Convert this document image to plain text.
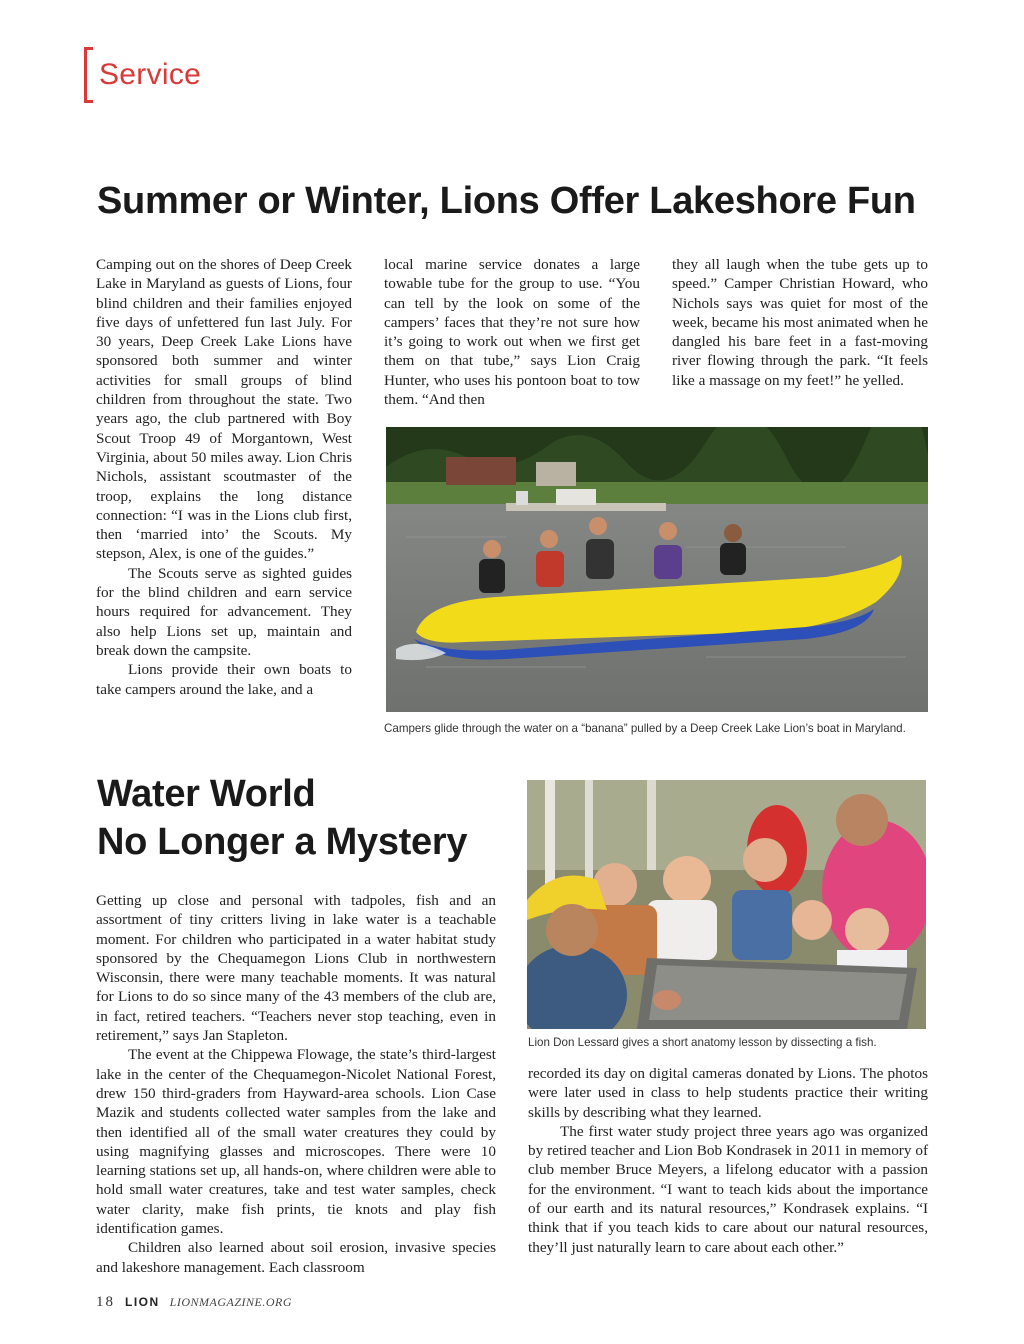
Service
Summer or Winter, Lions Offer Lakeshore Fun

Camping out on the shores of Deep Creek Lake in Maryland as guests of Lions, four blind children and their families enjoyed five days of unfettered fun last July. For 30 years, Deep Creek Lake Lions have sponsored both summer and winter activities for small groups of blind children from throughout the state. Two years ago, the club partnered with Boy Scout Troop 49 of Morgantown, West Virginia, about 50 miles away. Lion Chris Nichols, assistant scoutmaster of the troop, explains the long distance connection: “I was in the Lions club first, then ‘married into’ the Scouts. My stepson, Alex, is one of the guides.”

The Scouts serve as sighted guides for the blind children and earn service hours required for advancement. They also help Lions set up, maintain and break down the campsite.

Lions provide their own boats to take campers around the lake, and a

local marine service donates a large towable tube for the group to use. “You can tell by the look on some of the campers’ faces that they’re not sure how it’s going to work out when we first get them on that tube,” says Lion Craig Hunter, who uses his pontoon boat to tow them. “And then

they all laugh when the tube gets up to speed.” Camper Christian Howard, who Nichols says was quiet for most of the week, became his most animated when he dangled his bare feet in a fast-moving river flowing through the park. “It feels like a massage on my feet!” he yelled.

Campers glide through the water on a “banana” pulled by a Deep Creek Lake Lion’s boat in Maryland.

Water World
No Longer a Mystery

Lion Don Lessard gives a short anatomy lesson by dissecting a fish.

Getting up close and personal with tadpoles, fish and an assortment of tiny critters living in lake water is a teachable moment. For children who participated in a water habitat study sponsored by the Chequamegon Lions Club in northwestern Wisconsin, there were many teachable moments. It was natural for Lions to do so since many of the 43 members of the club are, in fact, retired teachers. “Teachers never stop teaching, even in retirement,” says Jan Stapleton.

The event at the Chippewa Flowage, the state’s third-largest lake in the center of the Chequamegon-Nicolet National Forest, drew 150 third-graders from Hayward-area schools. Lion Case Mazik and students collected water samples from the lake and then identified all of the small water creatures they could by using magnifying glasses and microscopes. There were 10 learning stations set up, all hands-on, where children were able to hold small water creatures, take and test water samples, check water clarity, make fish prints, tie knots and play fish identification games.

Children also learned about soil erosion, invasive species and lakeshore management. Each classroom

recorded its day on digital cameras donated by Lions. The photos were later used in class to help students practice their writing skills by describing what they learned.

The first water study project three years ago was organized by retired teacher and Lion Bob Kondrasek in 2011 in memory of club member Bruce Meyers, a lifelong educator with a passion for the environment. “I want to teach kids about the importance of our earth and its natural resources,” Kondrasek explains. “I think that if you teach kids to care about our natural resources, they’ll just naturally learn to care about each other.”

18 LION LIONMAGAZINE.ORG
